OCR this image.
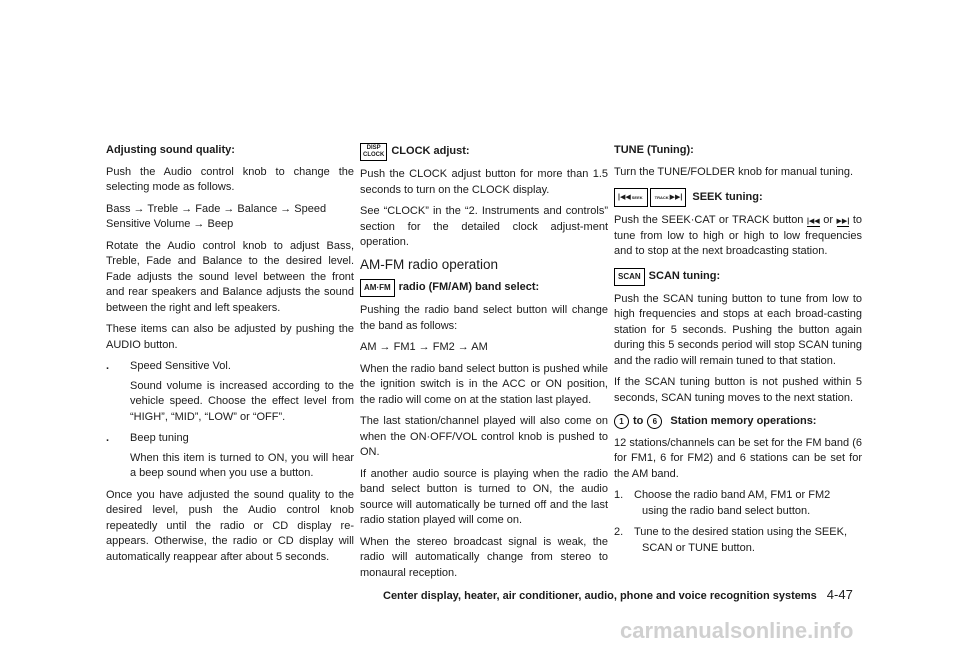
Adjusting sound quality:

Push the Audio control knob to change the selecting mode as follows.

Bass → Treble → Fade → Balance → Speed Sensitive Volume → Beep

Rotate the Audio control knob to adjust Bass, Treble, Fade and Balance to the desired level. Fade adjusts the sound level between the front and rear speakers and Balance adjusts the sound between the right and left speakers.

These items can also be adjusted by pushing the AUDIO button.

.	Speed Sensitive Vol.

Sound volume is increased according to the vehicle speed. Choose the effect level from “HIGH”, “MID”, “LOW” or “OFF”.

.	Beep tuning

When this item is turned to ON, you will hear a beep sound when you use a button.

Once you have adjusted the sound quality to the desired level, push the Audio control knob repeatedly until the radio or CD display re-appears. Otherwise, the radio or CD display will automatically reappear after about 5 seconds.

DISP
CLOCK CLOCK adjust:

Push the CLOCK adjust button for more than 1.5 seconds to turn on the CLOCK display.

See “CLOCK” in the “2. Instruments and controls” section for the detailed clock adjust-ment operation.

AM-FM radio operation
AM·FM radio (FM/AM) band select:

Pushing the radio band select button will change the band as follows:

AM → FM1 → FM2 → AM

When the radio band select button is pushed while the ignition switch is in the ACC or ON position, the radio will come on at the station last played.

The last station/channel played will also come on when the ON·OFF/VOL control knob is pushed to ON.

If another audio source is playing when the radio band select button is turned to ON, the audio source will automatically be turned off and the last radio station played will come on.

When the stereo broadcast signal is weak, the radio will automatically change from stereo to monaural reception.

TUNE (Tuning):

Turn the TUNE/FOLDER knob for manual tuning.

|◀◀ SEEK	TRACK ▶▶| SEEK tuning:

Push the SEEK·CAT or TRACK button |◀◀ or ▶▶| to tune from low to high or high to low frequencies and to stop at the next broadcasting station.

SCAN SCAN tuning:

Push the SCAN tuning button to tune from low to high frequencies and stops at each broad-casting station for 5 seconds. Pushing the button again during this 5 seconds period will stop SCAN tuning and the radio will remain tuned to that station.

If the SCAN tuning button is not pushed within 5 seconds, SCAN tuning moves to the next station.

1 to	6	Station memory operations:

12 stations/channels can be set for the FM band (6 for FM1, 6 for FM2) and 6 stations can be set for the AM band.

1. Choose the radio band AM, FM1 or FM2
using the radio band select button.
2. Tune to the desired station using the SEEK,
SCAN or TUNE button.
Center display, heater, air conditioner, audio, phone and voice recognition systems 4-47
carmanualsonline.info
